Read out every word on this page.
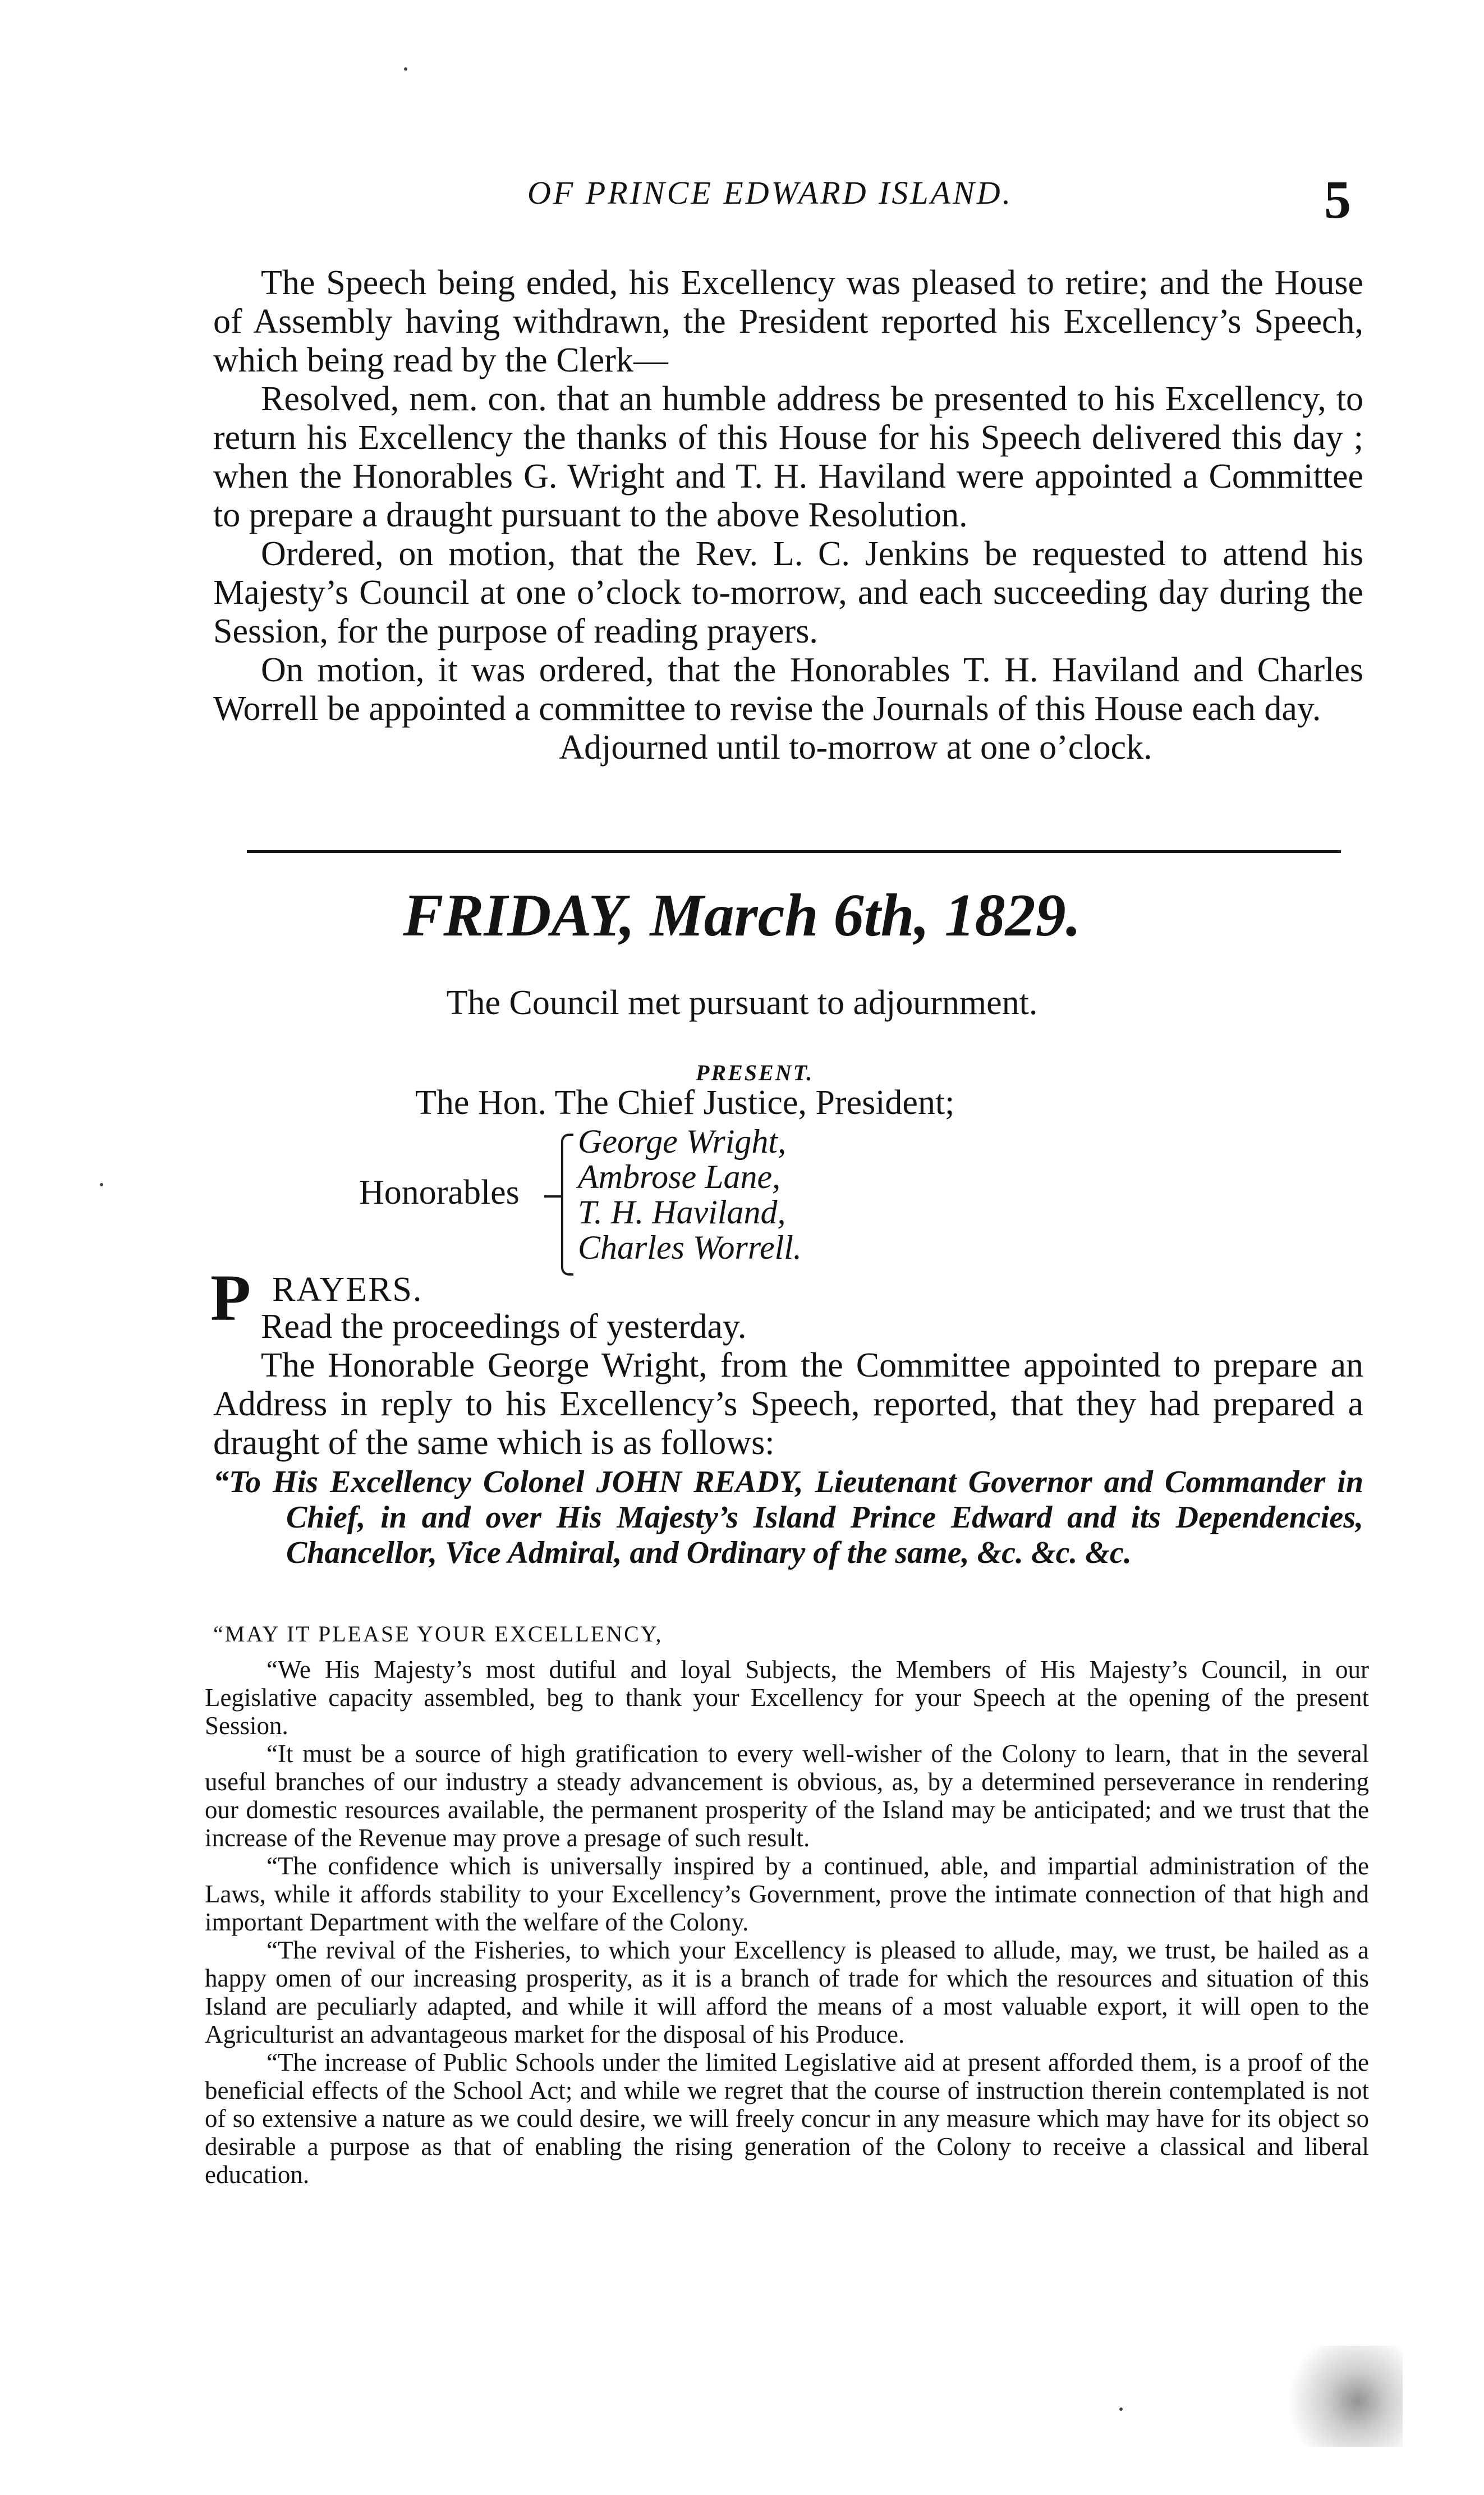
OF PRINCE EDWARD ISLAND.	5

The Speech being ended, his Excellency was pleased to retire; and the House of Assembly having withdrawn, the President reported his Excellency’s Speech, which being read by the Clerk—

Resolved, nem. con. that an humble address be presented to his Excellency, to return his Excellency the thanks of this House for his Speech delivered this day ; when the Honorables G. Wright and T. H. Haviland were appointed a Committee to prepare a draught pursuant to the above Resolution.

Ordered, on motion, that the Rev. L. C. Jenkins be requested to attend his Majesty’s Council at one o’clock to-morrow, and each succeeding day during the Session, for the purpose of reading prayers.

On motion, it was ordered, that the Honorables T. H. Haviland and Charles Worrell be appointed a committee to revise the Journals of this House each day.

Adjourned until to-morrow at one o’clock.

FRIDAY, March 6th, 1829.
The Council met pursuant to adjournment.
PRESENT.
The Hon. The Chief Justice, President;
Honorables
George Wright,
Ambrose Lane,
T. H. Haviland,
Charles Worrell.
P RAYERS.

Read the proceedings of yesterday.

The Honorable George Wright, from the Committee appointed to prepare an Address in reply to his Excellency’s Speech, reported, that they had prepared a draught of the same which is as follows:

“To His Excellency Colonel JOHN READY, Lieutenant Governor and Commander in Chief, in and over His Majesty’s Island Prince Edward and its Dependencies, Chancellor, Vice Admiral, and Ordinary of the same, &c. &c. &c.

“MAY IT PLEASE YOUR EXCELLENCY,

“We His Majesty’s most dutiful and loyal Subjects, the Members of His Majesty’s Council, in our Legislative capacity assembled, beg to thank your Excellency for your Speech at the opening of the present Session.

“It must be a source of high gratification to every well-wisher of the Colony to learn, that in the several useful branches of our industry a steady advancement is obvious, as, by a determined perseverance in rendering our domestic resources available, the permanent prosperity of the Island may be anticipated; and we trust that the increase of the Revenue may prove a presage of such result.

“The confidence which is universally inspired by a continued, able, and impartial administration of the Laws, while it affords stability to your Excellency’s Government, prove the intimate connection of that high and important Department with the welfare of the Colony.

“The revival of the Fisheries, to which your Excellency is pleased to allude, may, we trust, be hailed as a happy omen of our increasing prosperity, as it is a branch of trade for which the resources and situation of this Island are peculiarly adapted, and while it will afford the means of a most valuable export, it will open to the Agriculturist an advantageous market for the disposal of his Produce.

“The increase of Public Schools under the limited Legislative aid at present afforded them, is a proof of the beneficial effects of the School Act; and while we regret that the course of instruction therein contemplated is not of so extensive a nature as we could desire, we will freely concur in any measure which may have for its object so desirable a purpose as that of enabling the rising generation of the Colony to receive a classical and liberal education.
